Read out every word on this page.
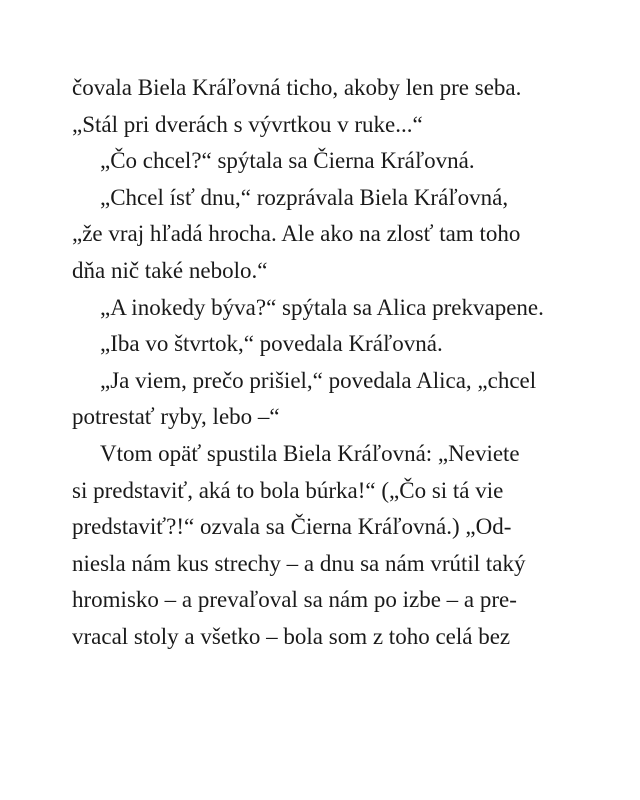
čovala Biela Kráľovná ticho, akoby len pre seba.
„Stál pri dverách s vývrtkou v ruke...“
„Čo chcel?“ spýtala sa Čierna Kráľovná.
„Chcel ísť dnu,“ rozprávala Biela Kráľovná,
„že vraj hľadá hrocha. Ale ako na zlosť tam toho
dňa nič také nebolo.“
„A inokedy býva?“ spýtala sa Alica prekvapene.
„Iba vo štvrtok,“ povedala Kráľovná.
„Ja viem, prečo prišiel,“ povedala Alica, „chcel
potrestať ryby, lebo –“
Vtom opäť spustila Biela Kráľovná: „Neviete
si predstaviť, aká to bola búrka!“ („Čo si tá vie
predstaviť?!“ ozvala sa Čierna Kráľovná.) „Od-
niesla nám kus strechy – a dnu sa nám vrútil taký
hromisko – a prevaľoval sa nám po izbe – a pre-
vracal stoly a všetko – bola som z toho celá bez
